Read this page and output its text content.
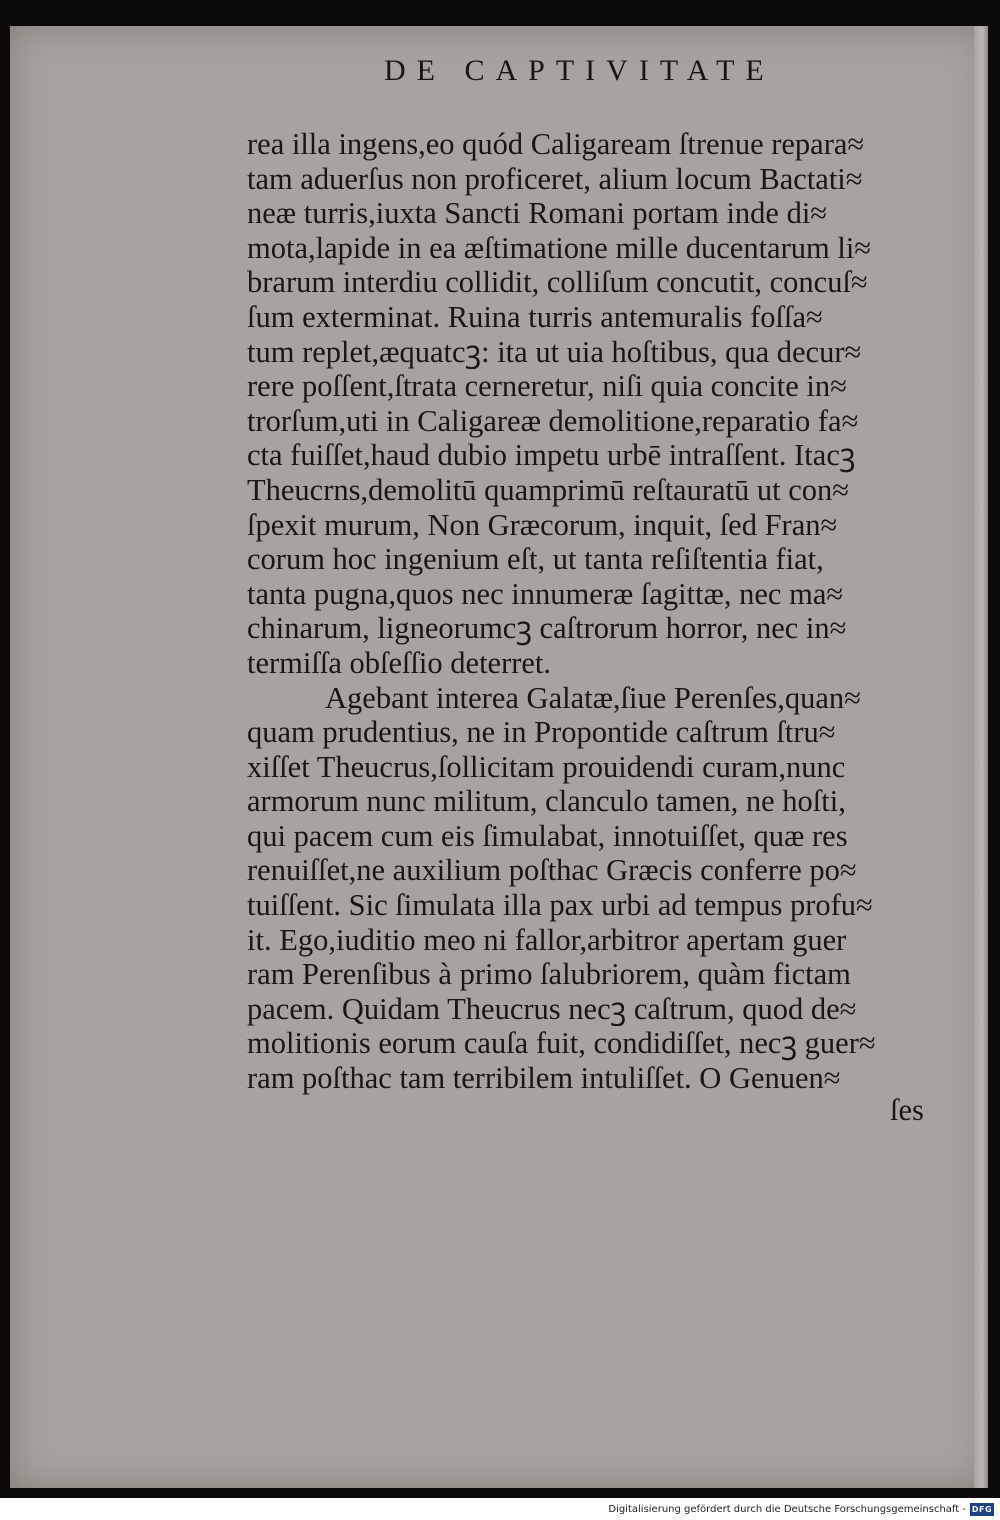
DE CAPTIVITATE
rea illa ingens,eo quód Caligaream ſtrenue repara≈
tam aduerſus non proficeret, alium locum Bactati≈
neæ turris,iuxta Sancti Romani portam inde di≈
mota,lapide in ea æſtimatione mille ducentarum li≈
brarum interdiu collidit, colliſum concutit, concuſ≈
ſum exterminat. Ruina turris antemuralis foſſa≈
tum replet,æquatcꝫ: ita ut uia hoſtibus, qua decur≈
rere poſſent,ſtrata cerneretur, niſi quia concite in≈
trorſum,uti in Caligareæ demolitione,reparatio fa≈
cta fuiſſet,haud dubio impetu urbē intraſſent. Itacꝫ
Theucrns,demolitū quamprimū reſtauratū ut con≈
ſpexit murum, Non Græcorum, inquit, ſed Fran≈
corum hoc ingenium eſt, ut tanta reſiſtentia fiat,
tanta pugna,quos nec innumeræ ſagittæ, nec ma≈
chinarum, ligneorumcꝫ caſtrorum horror, nec in≈
termiſſa obſeſſio deterret.
Agebant interea Galatæ,ſiue Perenſes,quan≈
quam prudentius, ne in Propontide caſtrum ſtru≈
xiſſet Theucrus,ſollicitam prouidendi curam,nunc
armorum nunc militum, clanculo tamen, ne hoſti,
qui pacem cum eis ſimulabat, innotuiſſet, quæ res
renuiſſet,ne auxilium poſthac Græcis conferre po≈
tuiſſent. Sic ſimulata illa pax urbi ad tempus profu≈
it. Ego,iuditio meo ni fallor,arbitror apertam guer
ram Perenſibus à primo ſalubriorem, quàm fictam
pacem. Quidam Theucrus necꝫ caſtrum, quod de≈
molitionis eorum cauſa fuit, condidiſſet, necꝫ guer≈
ram poſthac tam terribilem intuliſſet. O Genuen≈
ſes
Digitalisierung gefördert durch die Deutsche Forschungsgemeinschaft - DFG
